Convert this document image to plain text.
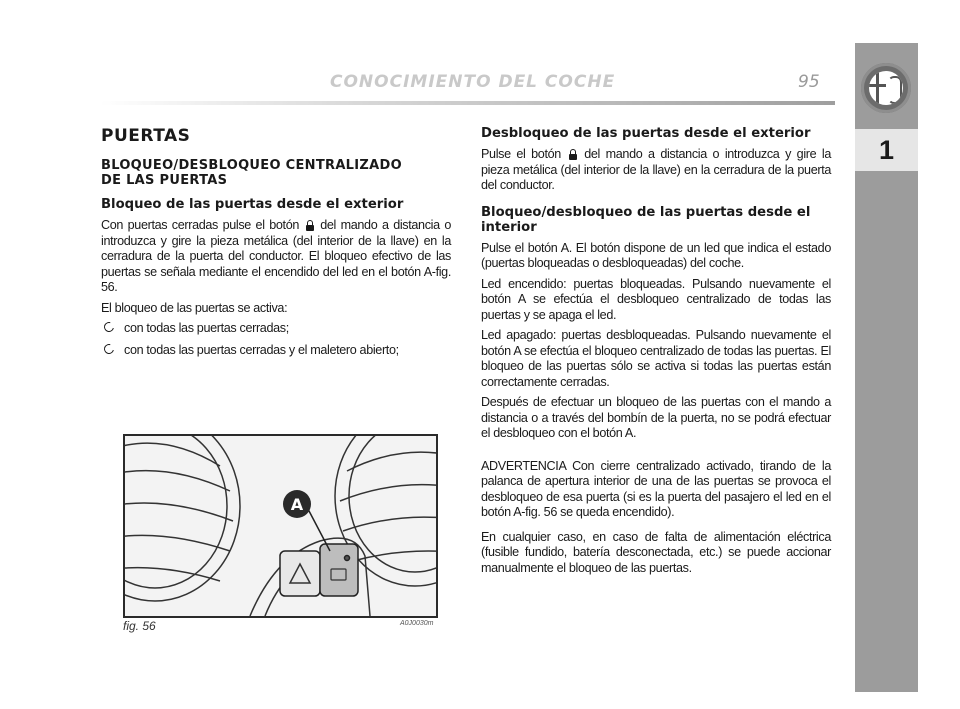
CONOCIMIENTO DEL COCHE	95
1
PUERTAS
BLOQUEO/DESBLOQUEO CENTRALIZADO
DE LAS PUERTAS
Bloqueo de las puertas desde el exterior

Con puertas cerradas pulse el botón del mando a distancia o introduzca y gire la pieza metálica (del interior de la llave) en la cerradura de la puerta del conductor. El bloqueo efectivo de las puertas se señala mediante el encendido del led en el botón A-fig. 56.

El bloqueo de las puertas se activa:

con todas las puertas cerradas;
con todas las puertas cerradas y el maletero abierto;
A
fig. 56	A0J0030m
Desbloqueo de las puertas desde el exterior

Pulse el botón del mando a distancia o introduzca y gire la pieza metálica (del interior de la llave) en la cerradura de la puerta del conductor.

Bloqueo/desbloqueo de las puertas desde el interior

Pulse el botón A. El botón dispone de un led que indica el estado (puertas bloqueadas o desbloqueadas) del coche.

Led encendido: puertas bloqueadas. Pulsando nuevamente el botón A se efectúa el desbloqueo centralizado de todas las puertas y se apaga el led.

Led apagado: puertas desbloqueadas. Pulsando nuevamente el botón A se efectúa el bloqueo centralizado de todas las puertas. El bloqueo de las puertas sólo se activa si todas las puertas están correctamente cerradas.

Después de efectuar un bloqueo de las puertas con el mando a distancia o a través del bombín de la puerta, no se podrá efectuar el desbloqueo con el botón A.

ADVERTENCIA Con cierre centralizado activado, tirando de la palanca de apertura interior de una de las puertas se provoca el desbloqueo de esa puerta (si es la puerta del pasajero el led en el botón A-fig. 56 se queda encendido).

En cualquier caso, en caso de falta de alimentación eléctrica (fusible fundido, batería desconectada, etc.) se puede accionar manualmente el bloqueo de las puertas.
